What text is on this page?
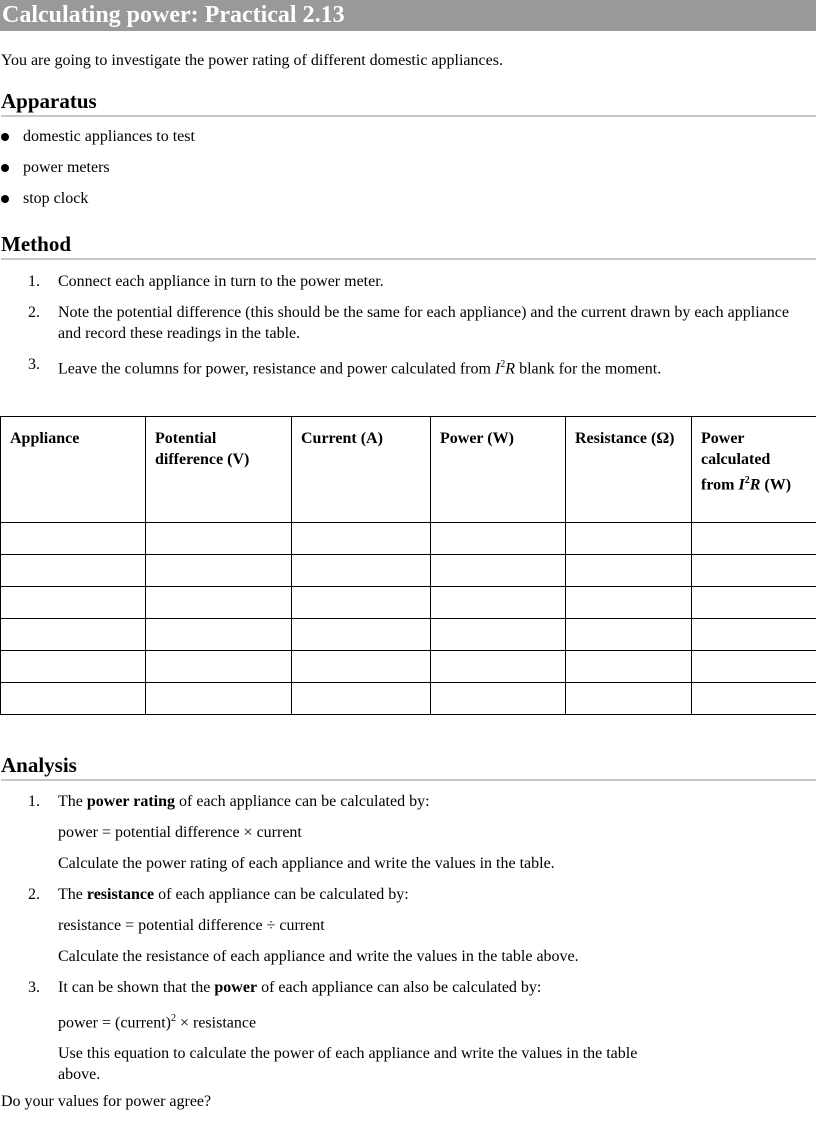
Calculating power: Practical 2.13
You are going to investigate the power rating of different domestic appliances.
Apparatus
domestic appliances to test
power meters
stop clock
Method
1.	Connect each appliance in turn to the power meter.
2.	Note the potential difference (this should be the same for each appliance) and the current drawn by each appliance and record these readings in the table.
3.	Leave the columns for power, resistance and power calculated from $I^2R$ blank for the moment.
Appliance	Potential difference (V)	Current (A)	Power (W)	Resistance (Ω)	Power calculated from $I^2R$ (W)

Analysis
1.	The power rating of each appliance can be calculated by:

power = potential difference × current

Calculate the power rating of each appliance and write the values in the table.

2.	The resistance of each appliance can be calculated by:

resistance = potential difference ÷ current

Calculate the resistance of each appliance and write the values in the table above.

3.	It can be shown that the power of each appliance can also be calculated by:

power = (current)$^2$ × resistance

Use this equation to calculate the power of each appliance and write the values in the table above.

Do your values for power agree?
